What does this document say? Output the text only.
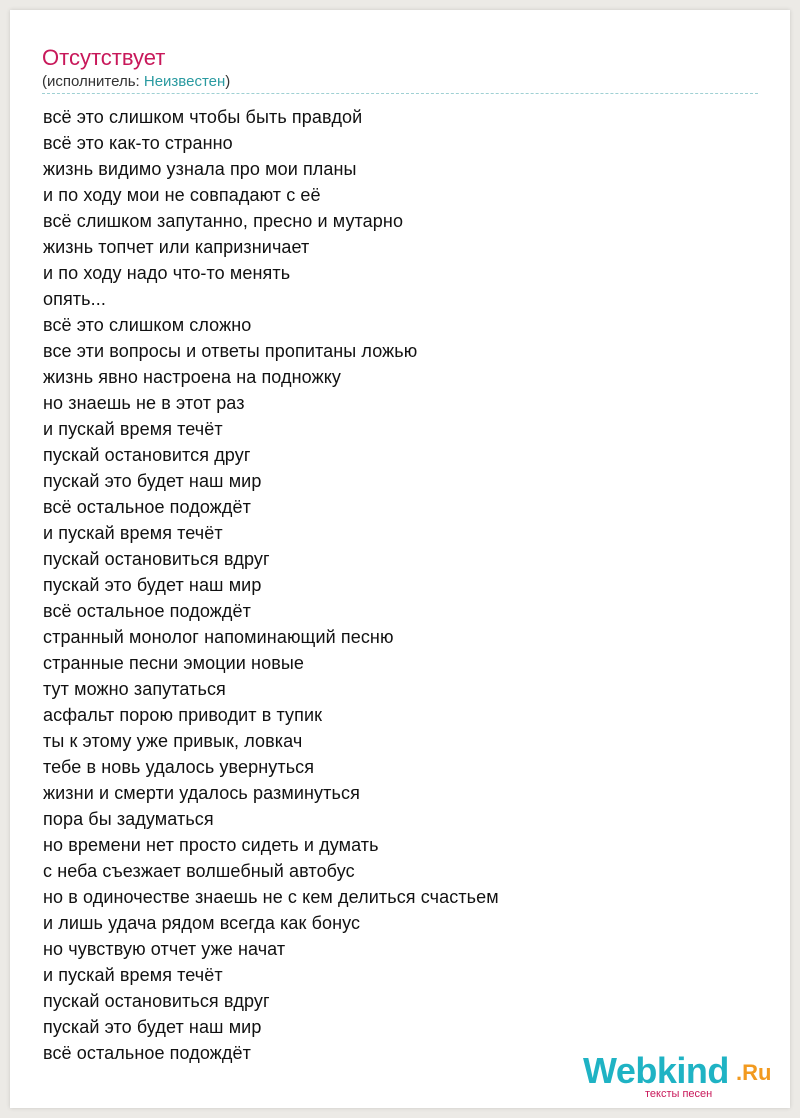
Отсутствует
(исполнитель: Неизвестен)
всё это слишком чтобы быть правдой
всё это как-то странно
жизнь видимо узнала про мои планы
и по ходу мои не совпадают с её
всё слишком запутанно, пресно и мутарно
жизнь топчет или капризничает
и по ходу надо что-то менять
опять...
всё это слишком сложно
все эти вопросы и ответы пропитаны ложью
жизнь явно настроена на подножку
но знаешь не в этот раз
и пускай время течёт
пускай остановится друг
пускай это будет наш мир
всё остальное подождёт
и пускай время течёт
пускай остановиться вдруг
пускай это будет наш мир
всё остальное подождёт
странный монолог напоминающий песню
странные песни эмоции новые
тут можно запутаться
асфальт порою приводит в тупик
ты к этому уже привык, ловкач
тебе в новь удалось увернуться
жизни и смерти удалось разминуться
пора бы задуматься
но времени нет просто сидеть и думать
с неба съезжает волшебный автобус
но в одиночестве знаешь не с кем делиться счастьем
и лишь удача рядом всегда как бонус
но чувствую отчет уже начат
и пускай время течёт
пускай остановиться вдруг
пускай это будет наш мир
всё остальное подождёт	Webkind .Ru
тексты песен
